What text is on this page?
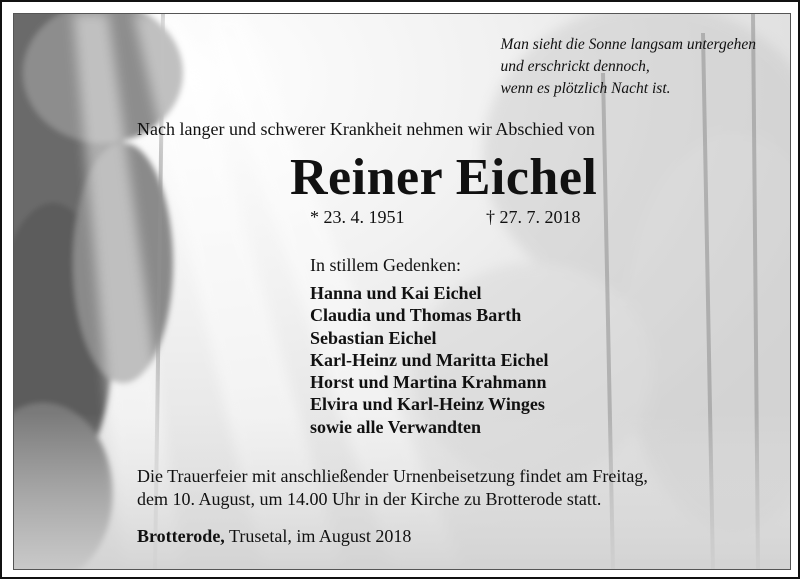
Man sieht die Sonne langsam untergehen
und erschrickt dennoch,
wenn es plötzlich Nacht ist.

Nach langer und schwerer Krankheit nehmen wir Abschied von

Reiner Eichel

* 23. 4. 1951	† 27. 7. 2018

In stillem Gedenken:

Hanna und Kai Eichel
Claudia und Thomas Barth
Sebastian Eichel
Karl-Heinz und Maritta Eichel
Horst und Martina Krahmann
Elvira und Karl-Heinz Winges
sowie alle Verwandten
Die Trauerfeier mit anschließender Urnenbeisetzung findet am Freitag,
dem 10. August, um 14.00 Uhr in der Kirche zu Brotterode statt.

Brotterode, Trusetal, im August 2018
